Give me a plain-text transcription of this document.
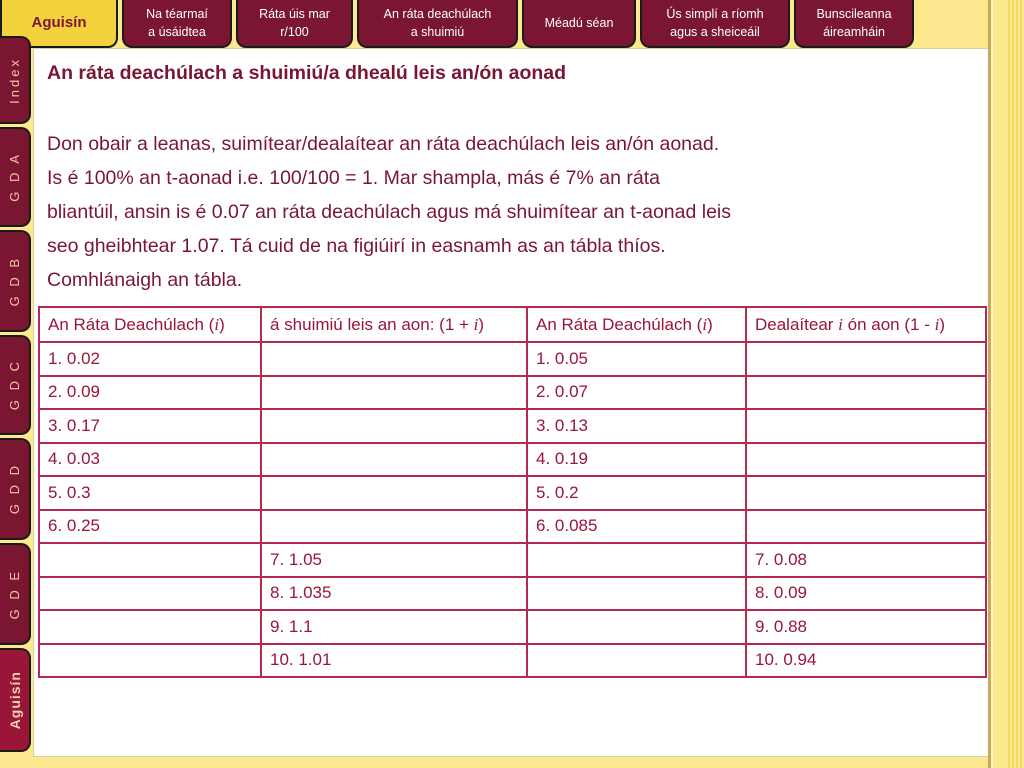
Aguisín	Na téarmaí
a úsáidtea
Ráta úis mar
r/100
An ráta deachúlach
a shuimiú
Méadú séan
Ús simplí a ríomh
agus a sheiceáil
Bunscileanna
áireamháin
Index
G D A
G D B
G D C
G D D
G D E
Aguisín
An ráta deachúlach a shuimiú/a dhealú leis an/ón aonad
Don obair a leanas, suimítear/dealaítear an ráta deachúlach leis an/ón aonad.
Is é 100% an t-aonad i.e. 100/100 = 1. Mar shampla, más é 7% an ráta
bliantúil, ansin is é 0.07 an ráta deachúlach agus má shuimítear an t-aonad leis
seo gheibhtear 1.07. Tá cuid de na figiúirí in easnamh as an tábla thíos.
Comhlánaigh an tábla.
An Ráta Deachúlach (i)	á shuimiú leis an aon: (1 + i)	An Ráta Deachúlach (i)	Dealaítear i ón aon (1 - i)
1. 0.02		1. 0.05	
2. 0.09		2. 0.07	
3. 0.17		3. 0.13	
4. 0.03		4. 0.19	
5. 0.3		5. 0.2	
6. 0.25		6. 0.085	
	7. 1.05		7. 0.08
	8. 1.035		8. 0.09
	9. 1.1		9. 0.88
	10. 1.01		10. 0.94
